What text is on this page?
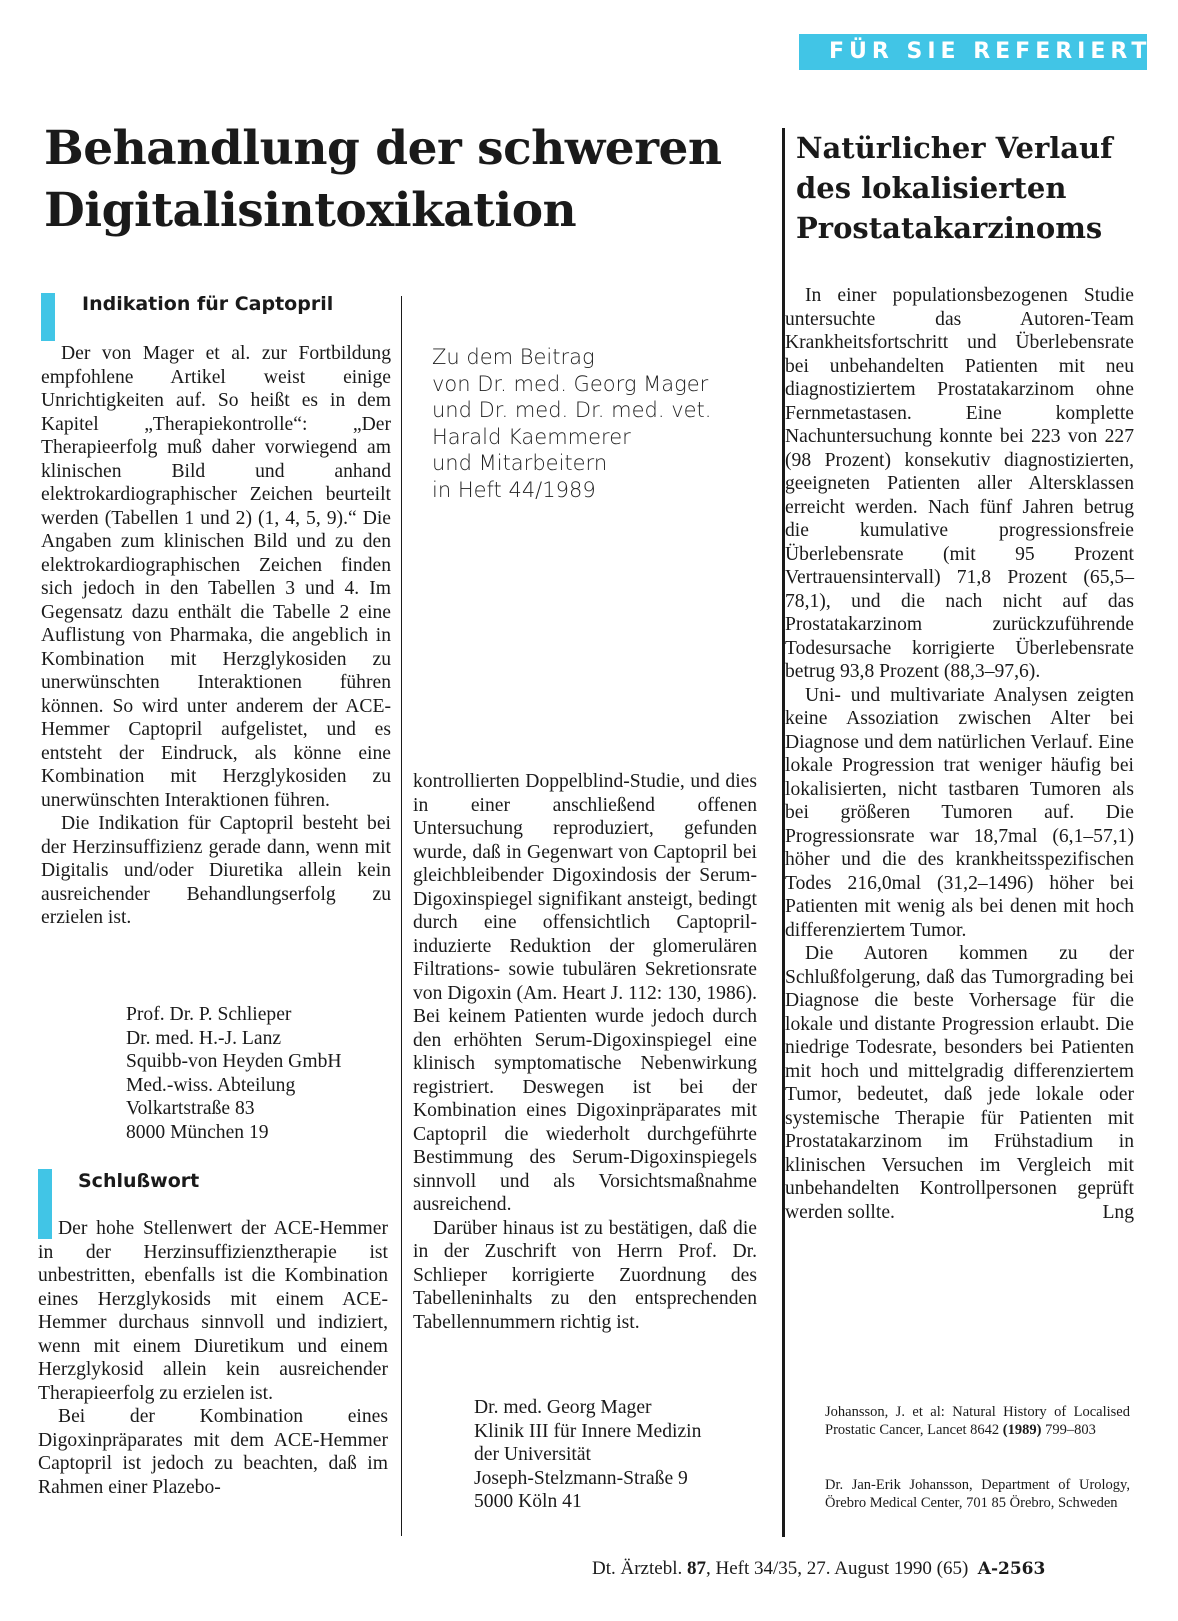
FÜR SIE REFERIERT
Behandlung der schweren
Digitalisintoxikation
Natürlicher Verlauf
des lokalisierten
Prostatakarzinoms
Indikation für Captopril

Der von Mager et al. zur Fortbildung empfohlene Artikel weist einige Unrichtigkeiten auf. So heißt es in dem Kapitel „Therapiekontrolle“: „Der Therapieerfolg muß daher vorwiegend am klinischen Bild und anhand elektrokardiographischer Zeichen beurteilt werden (Tabellen 1 und 2) (1, 4, 5, 9).“ Die Angaben zum klinischen Bild und zu den elektrokardiographischen Zeichen finden sich jedoch in den Tabellen 3 und 4. Im Gegensatz dazu enthält die Tabelle 2 eine Auflistung von Pharmaka, die angeblich in Kombination mit Herzglykosiden zu unerwünschten Interaktionen führen können. So wird unter anderem der ACE-Hemmer Captopril aufgelistet, und es entsteht der Eindruck, als könne eine Kombination mit Herzglykosiden zu unerwünschten Interaktionen führen.

Die Indikation für Captopril besteht bei der Herzinsuffizienz gerade dann, wenn mit Digitalis und/oder Diuretika allein kein ausreichender Behandlungserfolg zu erzielen ist.

Prof. Dr. P. Schlieper
Dr. med. H.-J. Lanz
Squibb-von Heyden GmbH
Med.-wiss. Abteilung
Volkartstraße 83
8000 München 19
Schlußwort

Der hohe Stellenwert der ACE-Hemmer in der Herzinsuffizienztherapie ist unbestritten, ebenfalls ist die Kombination eines Herzglykosids mit einem ACE-Hemmer durchaus sinnvoll und indiziert, wenn mit einem Diuretikum und einem Herzglykosid allein kein ausreichender Therapieerfolg zu erzielen ist.

Bei der Kombination eines Digoxinpräparates mit dem ACE-Hemmer Captopril ist jedoch zu beachten, daß im Rahmen einer Plazebo-

Zu dem Beitrag
von Dr. med. Georg Mager
und Dr. med. Dr. med. vet.
Harald Kaemmerer
und Mitarbeitern
in Heft 44/1989

kontrollierten Doppelblind-Studie, und dies in einer anschließend offenen Untersuchung reproduziert, gefunden wurde, daß in Gegenwart von Captopril bei gleichbleibender Digoxindosis der Serum-Digoxinspiegel signifikant ansteigt, bedingt durch eine offensichtlich Captopril-induzierte Reduktion der glomerulären Filtrations- sowie tubulären Sekretionsrate von Digoxin (Am. Heart J. 112: 130, 1986). Bei keinem Patienten wurde jedoch durch den erhöhten Serum-Digoxinspiegel eine klinisch symptomatische Nebenwirkung registriert. Deswegen ist bei der Kombination eines Digoxinpräparates mit Captopril die wiederholt durchgeführte Bestimmung des Serum-Digoxinspiegels sinnvoll und als Vorsichtsmaßnahme ausreichend.

Darüber hinaus ist zu bestätigen, daß die in der Zuschrift von Herrn Prof. Dr. Schlieper korrigierte Zuordnung des Tabelleninhalts zu den entsprechenden Tabellennummern richtig ist.

Dr. med. Georg Mager
Klinik III für Innere Medizin
der Universität
Joseph-Stelzmann-Straße 9
5000 Köln 41

In einer populationsbezogenen Studie untersuchte das Autoren-Team Krankheitsfortschritt und Überlebensrate bei unbehandelten Patienten mit neu diagnostiziertem Prostatakarzinom ohne Fernmetastasen. Eine komplette Nachuntersuchung konnte bei 223 von 227 (98 Prozent) konsekutiv diagnostizierten, geeigneten Patienten aller Altersklassen erreicht werden. Nach fünf Jahren betrug die kumulative progressionsfreie Überlebensrate (mit 95 Prozent Vertrauensintervall) 71,8 Prozent (65,5–78,1), und die nach nicht auf das Prostatakarzinom zurückzuführende Todesursache korrigierte Überlebensrate betrug 93,8 Prozent (88,3–97,6).

Uni- und multivariate Analysen zeigten keine Assoziation zwischen Alter bei Diagnose und dem natürlichen Verlauf. Eine lokale Progression trat weniger häufig bei lokalisierten, nicht tastbaren Tumoren als bei größeren Tumoren auf. Die Progressionsrate war 18,7mal (6,1–57,1) höher und die des krankheitsspezifischen Todes 216,0mal (31,2–1496) höher bei Patienten mit wenig als bei denen mit hoch differenziertem Tumor.

Die Autoren kommen zu der Schlußfolgerung, daß das Tumorgrading bei Diagnose die beste Vorhersage für die lokale und distante Progression erlaubt. Die niedrige Todesrate, besonders bei Patienten mit hoch und mittelgradig differenziertem Tumor, bedeutet, daß jede lokale oder systemische Therapie für Patienten mit Prostatakarzinom im Frühstadium in klinischen Versuchen im Vergleich mit unbehandelten Kontrollpersonen geprüft werden sollte.	Lng

Johansson, J. et al: Natural History of Localised Prostatic Cancer, Lancet 8642 (1989) 799–803
Dr. Jan-Erik Johansson, Department of Urology, Örebro Medical Center, 701 85 Örebro, Schweden
Dt. Ärztebl. 87, Heft 34/35, 27. August 1990 (65) A-2563
